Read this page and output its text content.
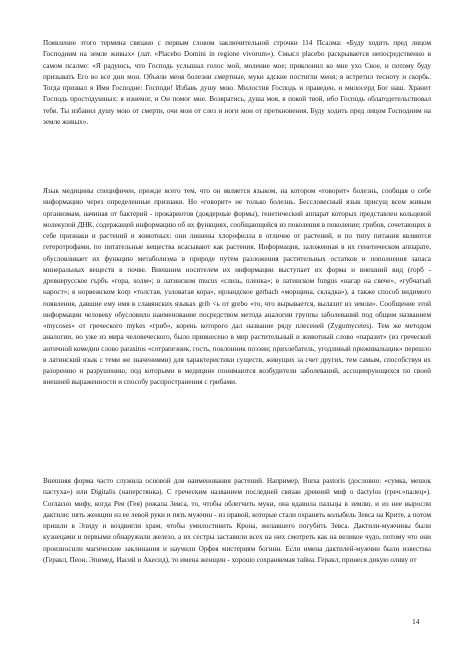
Появление этого термина связано с первым словом заключительной строчки 114 Псалма: «Буду ходить пред лицом Господним на земле живых» (лат. «Placebo Domini in regione vivorum»). Смысл placebo раскрывается непосредственно в самом псалме: «Я радуюсь, что Господь услышал голос мой, моление мое; приклонил ко мне ухо Свое, и потому буду призывать Его во все дни мои. Объяли меня болезни смертные, муки адские постигли меня; я встретил тесноту и скорбь. Тогда призвал я Имя Господне: Господи! Избавь душу мою. Милостив Господь и праведен, и милосерд Бог наш. Хранит Господь простодушных: я изнемог, и Он помог мне. Возвратись, душа моя, в покой твой, ибо Господь облагодетельствовал тебя. Ты избавил душу мою от смерти, очи мои от слез и ноги мои от преткновения. Буду ходить пред лицом Господним на земле живых».

Язык медицины специфичен, прежде всего тем, что он является языком, на котором «говорит» болезнь, сообщая о себе информацию через определенные признаки. Но «говорит» не только болезнь. Бессловесный язык присущ всем живым организмам, начиная от бактерий - прокариотов (доядерные формы), генетический аппарат которых представлен кольцевой молекулой ДНК, содержащей информацию об их функциях, сообщающейся из поколения в поколение; грибов, сочетающих в себе признаки и растений и животных: они лишены хлорофилла в отличие от растений, и по типу питания являются гетеротрофами, по питательные вещества всасывают как растения. Информация, заложенная в их генетическом аппарате, обусловливает их функцию метаболизма в природе путем разложения растительных остатков и пополнения запаса минеральных веществ в почве. Внешним носителем их информации выступает их форма и внешний вид (горб - древнерусское гърбъ «гора, холм»; в латинском mucus «слизь, пленка»; в латинском fungus «нагар на свече», «губчатый нарост»; в норвежском korp «толстая, узловатая кора», ирландское gerbach «морщина, складка»), а также способ видимого появления, давшие ему имя в славянских языках grib <ь от grebo «то, что вырывается, вылазит из земли». Сообщение этой информации человеку обусловило наименование посредством метода аналогии группы заболеваний под общим названием «mycoses» от греческого mykes «гриб», корень которого дал название ряду плесеней (Zygomycetes). Тем же методом аналогии, но уже из мира человеческого, было привнесено в мир растительный и животный слово «паразит» (из греческой античной комедии слово parasitos «сотрапезник, гость, поклонник поэзии; прихлебатель, угодливый приживальщик» перешло в латинский язык с теми же значениями) для характеристики существ, живущих за счет других, тем самым, способствуя их разорению и разрушению, под которыми в медицине понимаются возбудители заболеваний, ассоциирующихся по своей внешней выраженности и способу распространения с грибами.

Внешняя форма часто служила основой для наименования растений. Например, Bursa pastoris (дословно: «сумка, мешок пастуха») или Digitalis (наперстянка). С греческим названием последней связан древний миф о dactylos (греч.«палец»). Согласно мифу, когда Рея (Гея) рожала Зевса, то, чтобы облегчить муки, она вдавила пальцы в землю, и из нее выросли дактили: пять женщин из ее левой руки и пять мужчин - из правой, которые стали охранять колыбель Зевса на Крите, а потом пришли в Элиду и воздвигли храм, чтобы умилостивить Крона, желавшего погубить Зевса. Дактили-мужчины были кузнецами и первыми обнаружили железо, а их сестры заставили всех на них смотреть как на великое чудо, потому что они произносили магические заклинания и научили Орфея мистериям богини. Если имена дактилей-мужчин были известны (Геракл, Пеон, Эпимед, Иасий и Акесид), то имена женщин - хорошо сохраняемая тайна. Геракл, принеся дикую оливу от

14
